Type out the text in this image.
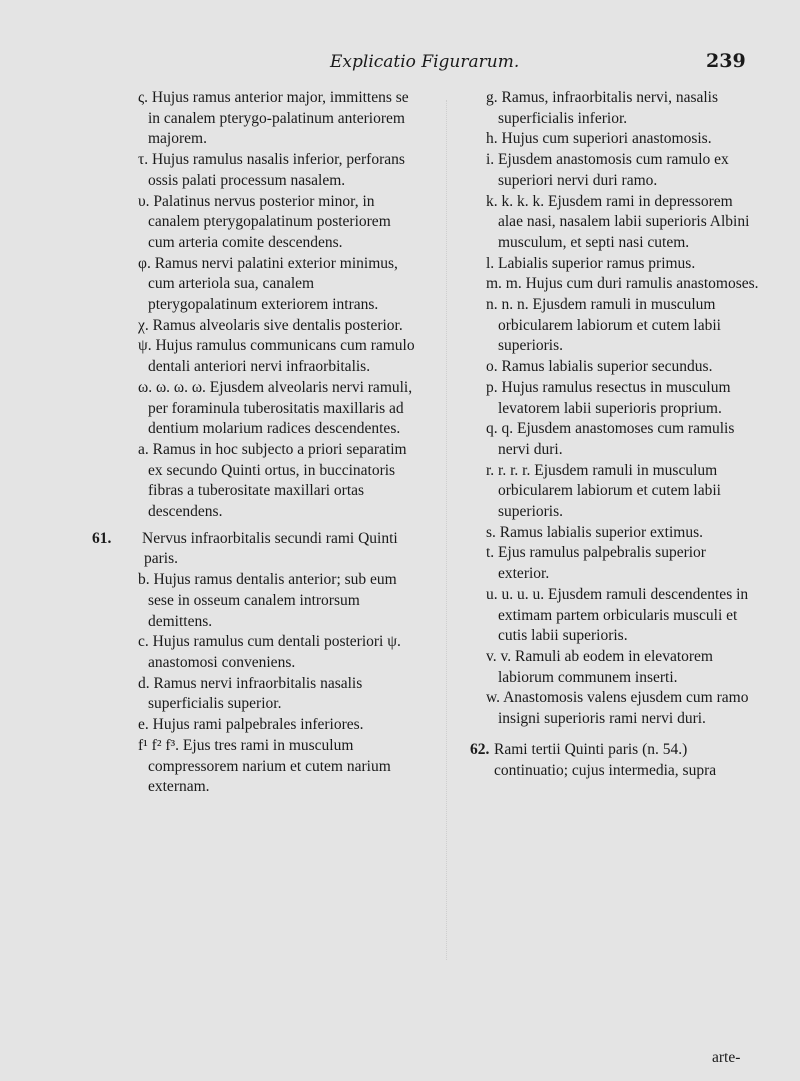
Explicatio Figurarum.	239

ς. Hujus ramus anterior major, immittens se in canalem pterygo-palatinum anteriorem majorem.

τ. Hujus ramulus nasalis inferior, perforans ossis palati processum nasalem.

υ. Palatinus nervus posterior minor, in canalem pterygopalatinum posteriorem cum arteria comite descendens.

φ. Ramus nervi palatini exterior minimus, cum arteriola sua, canalem pterygopalatinum exteriorem intrans.

χ. Ramus alveolaris sive dentalis posterior.

ψ. Hujus ramulus communicans cum ramulo dentali anteriori nervi infraorbitalis.

ω. ω. ω. ω. Ejusdem alveolaris nervi ramuli, per foraminula tuberositatis maxillaris ad dentium molarium radices descendentes.

a. Ramus in hoc subjecto a priori separatim ex secundo Quinti ortus, in buccinatoris fibras a tuberositate maxillari ortas descendens.

61. Nervus infraorbitalis secundi rami Quinti paris.

b. Hujus ramus dentalis anterior; sub eum sese in osseum canalem introrsum demittens.

c. Hujus ramulus cum dentali posteriori ψ. anastomosi conveniens.

d. Ramus nervi infraorbitalis nasalis superficialis superior.

e. Hujus rami palpebrales inferiores.

f¹ f² f³. Ejus tres rami in musculum compressorem narium et cutem narium externam.

g. Ramus, infraorbitalis nervi, nasalis superficialis inferior.

h. Hujus cum superiori anastomosis.

i. Ejusdem anastomosis cum ramulo ex superiori nervi duri ramo.

k. k. k. k. Ejusdem rami in depressorem alae nasi, nasalem labii superioris Albini musculum, et septi nasi cutem.

l. Labialis superior ramus primus.

m. m. Hujus cum duri ramulis anastomoses.

n. n. n. Ejusdem ramuli in musculum orbicularem labiorum et cutem labii superioris.

o. Ramus labialis superior secundus.

p. Hujus ramulus resectus in musculum levatorem labii superioris proprium.

q. q. Ejusdem anastomoses cum ramulis nervi duri.

r. r. r. r. Ejusdem ramuli in musculum orbicularem labiorum et cutem labii superioris.

s. Ramus labialis superior extimus.

t. Ejus ramulus palpebralis superior exterior.

u. u. u. u. Ejusdem ramuli descendentes in extimam partem orbicularis musculi et cutis labii superioris.

v. v. Ramuli ab eodem in elevatorem labiorum communem inserti.

w. Anastomosis valens ejusdem cum ramo insigni superioris rami nervi duri.

62. Rami tertii Quinti paris (n. 54.) continuatio; cujus intermedia, supra

arte-
